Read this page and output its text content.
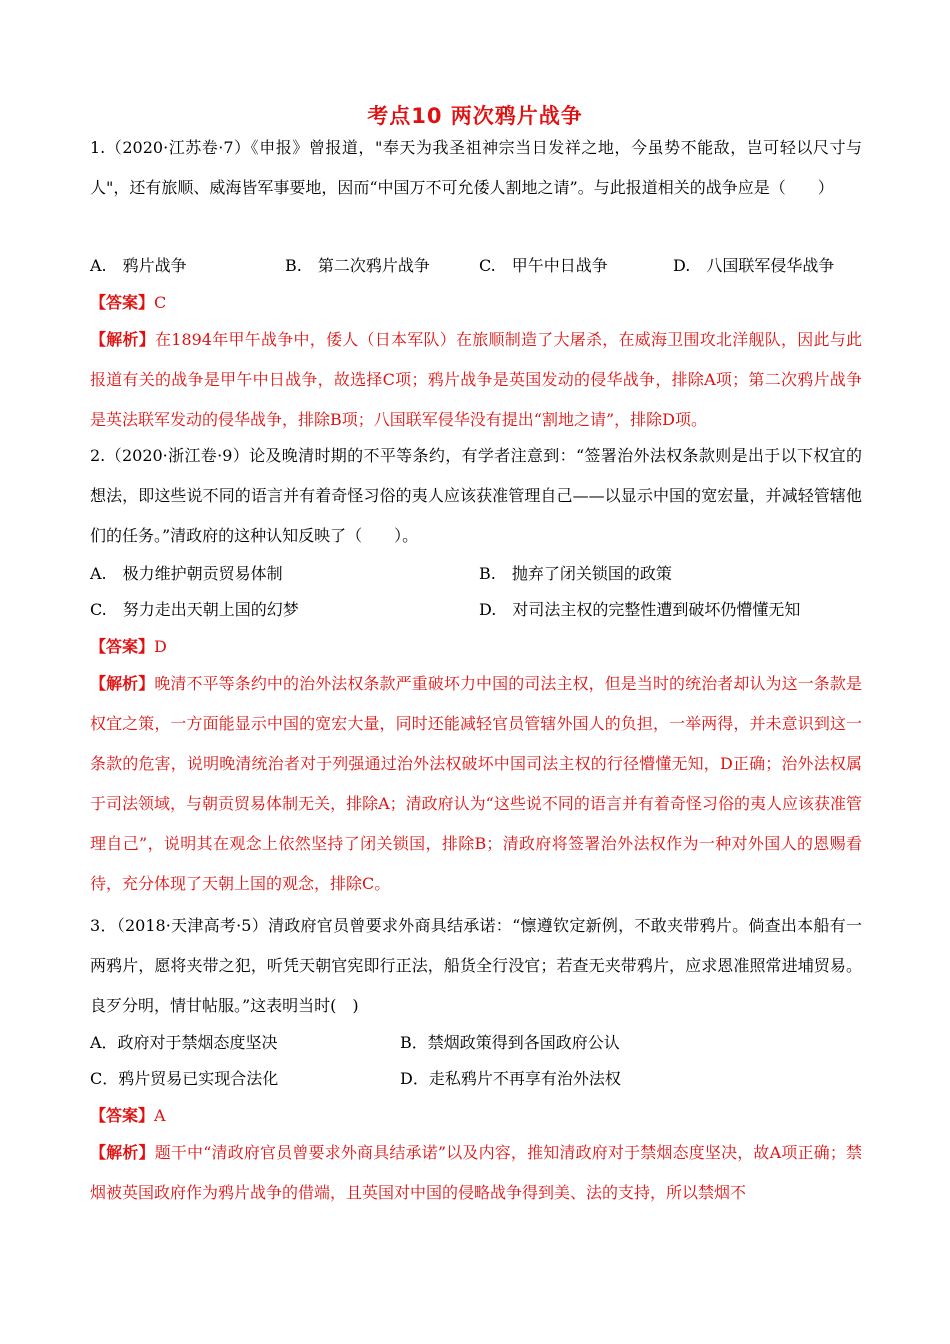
考点10 两次鸦片战争

1.（2020·江苏卷·7）《申报》曾报道，"奉天为我圣祖神宗当日发祥之地，今虽势不能敌，岂可轻以尺寸与人"，还有旅顺、威海皆军事要地，因而“中国万不可允倭人割地之请”。与此报道相关的战争应是（　　）

A.　鸦片战争	B.　第二次鸦片战争	C.　甲午中日战争	D.　八国联军侵华战争
【答案】C

【解析】在1894年甲午战争中，倭人（日本军队）在旅顺制造了大屠杀，在威海卫围攻北洋舰队，因此与此报道有关的战争是甲午中日战争，故选择C项；鸦片战争是英国发动的侵华战争，排除A项；第二次鸦片战争是英法联军发动的侵华战争，排除B项；八国联军侵华没有提出“割地之请”，排除D项。

2.（2020·浙江卷·9）论及晚清时期的不平等条约，有学者注意到：“签署治外法权条款则是出于以下权宜的想法，即这些说不同的语言并有着奇怪习俗的夷人应该获准管理自己——以显示中国的宽宏量，并减轻管辖他们的任务。”清政府的这种认知反映了（　　）。

A.　极力维护朝贡贸易体制	B.　抛弃了闭关锁国的政策
C.　努力走出天朝上国的幻梦	D.　对司法主权的完整性遭到破坏仍懵懂无知
【答案】D

【解析】晚清不平等条约中的治外法权条款严重破坏力中国的司法主权，但是当时的统治者却认为这一条款是权宜之策，一方面能显示中国的宽宏大量，同时还能减轻官员管辖外国人的负担，一举两得，并未意识到这一条款的危害，说明晚清统治者对于列强通过治外法权破坏中国司法主权的行径懵懂无知，D正确；治外法权属于司法领域，与朝贡贸易体制无关，排除A；清政府认为“这些说不同的语言并有着奇怪习俗的夷人应该获准管理自己”，说明其在观念上依然坚持了闭关锁国，排除B；清政府将签署治外法权作为一种对外国人的恩赐看待，充分体现了天朝上国的观念，排除C。

3．（2018·天津高考·5）清政府官员曾要求外商具结承诺：“懔遵钦定新例，不敢夹带鸦片。倘查出本船有一两鸦片，愿将夹带之犯，听凭天朝官宪即行正法，船货全行没官；若查无夹带鸦片，应求恩准照常进埔贸易。良歹分明，情甘帖服。”这表明当时(　)

A．政府对于禁烟态度坚决	B．禁烟政策得到各国政府公认
C．鸦片贸易已实现合法化	D．走私鸦片不再享有治外法权
【答案】A

【解析】题干中“清政府官员曾要求外商具结承诺”以及内容，推知清政府对于禁烟态度坚决，故A项正确；禁烟被英国政府作为鸦片战争的借端，且英国对中国的侵略战争得到美、法的支持，所以禁烟不
